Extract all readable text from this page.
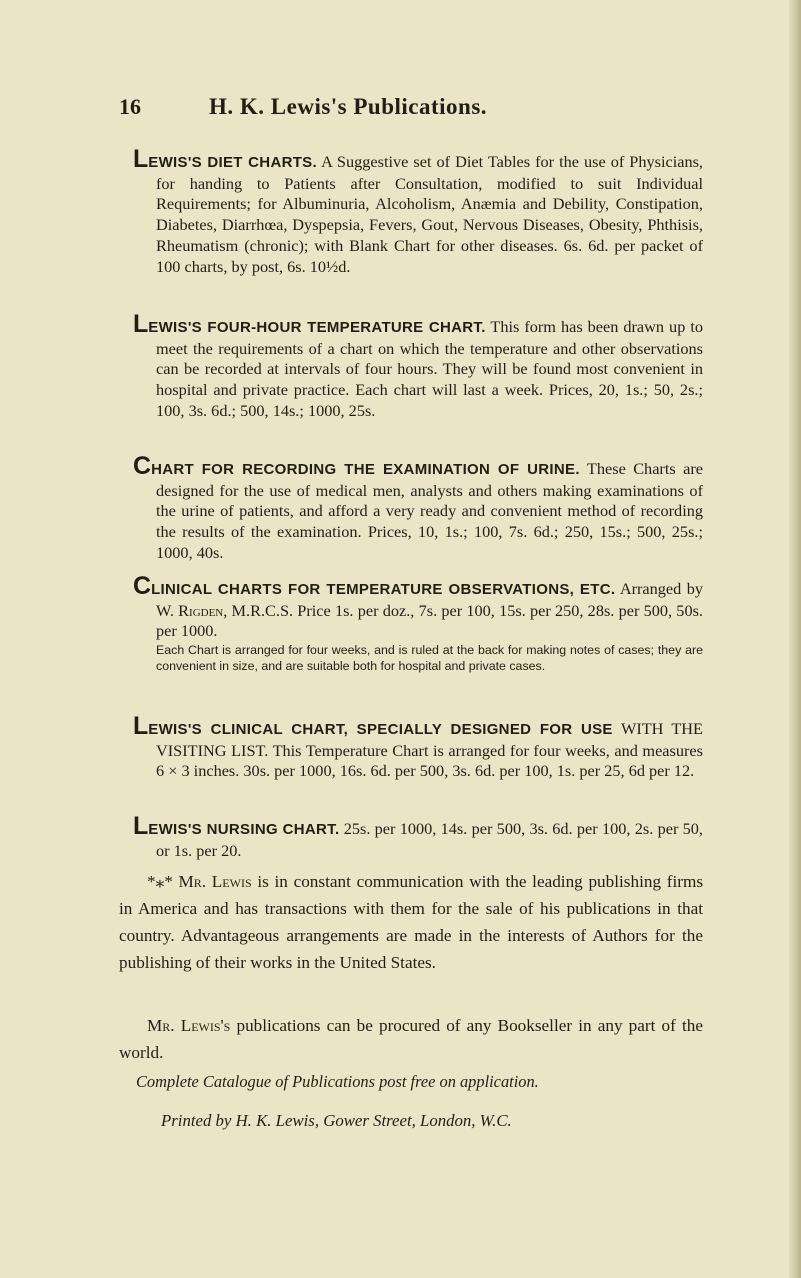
16	H. K. Lewis's Publications.
LEWIS'S DIET CHARTS. A Suggestive set of Diet Tables for the use of Physicians, for handing to Patients after Consultation, modified to suit Individual Requirements; for Albuminuria, Alcoholism, Anæmia and Debility, Constipation, Diabetes, Diarrhœa, Dyspepsia, Fevers, Gout, Nervous Diseases, Obesity, Phthisis, Rheumatism (chronic); with Blank Chart for other diseases. 6s. 6d. per packet of 100 charts, by post, 6s. 10½d.
LEWIS'S FOUR-HOUR TEMPERATURE CHART. This form has been drawn up to meet the requirements of a chart on which the temperature and other observations can be recorded at intervals of four hours. They will be found most convenient in hospital and private practice. Each chart will last a week. Prices, 20, 1s.; 50, 2s.; 100, 3s. 6d.; 500, 14s.; 1000, 25s.
CHART FOR RECORDING THE EXAMINATION OF URINE. These Charts are designed for the use of medical men, analysts and others making examinations of the urine of patients, and afford a very ready and convenient method of recording the results of the examination. Prices, 10, 1s.; 100, 7s. 6d.; 250, 15s.; 500, 25s.; 1000, 40s.
CLINICAL CHARTS FOR TEMPERATURE OBSERVATIONS, ETC. Arranged by W. Rigden, M.R.C.S. Price 1s. per doz., 7s. per 100, 15s. per 250, 28s. per 500, 50s. per 1000.
Each Chart is arranged for four weeks, and is ruled at the back for making notes of cases; they are convenient in size, and are suitable both for hospital and private cases.
LEWIS'S CLINICAL CHART, SPECIALLY DESIGNED FOR USE WITH THE VISITING LIST. This Temperature Chart is arranged for four weeks, and measures 6 × 3 inches. 30s. per 1000, 16s. 6d. per 500, 3s. 6d. per 100, 1s. per 25, 6d per 12.
LEWIS'S NURSING CHART. 25s. per 1000, 14s. per 500, 3s. 6d. per 100, 2s. per 50, or 1s. per 20.
*⁎* Mr. Lewis is in constant communication with the leading publishing firms in America and has transactions with them for the sale of his publications in that country. Advantageous arrangements are made in the interests of Authors for the publishing of their works in the United States.
Mr. Lewis's publications can be procured of any Bookseller in any part of the world.
Complete Catalogue of Publications post free on application.
Printed by H. K. Lewis, Gower Street, London, W.C.
